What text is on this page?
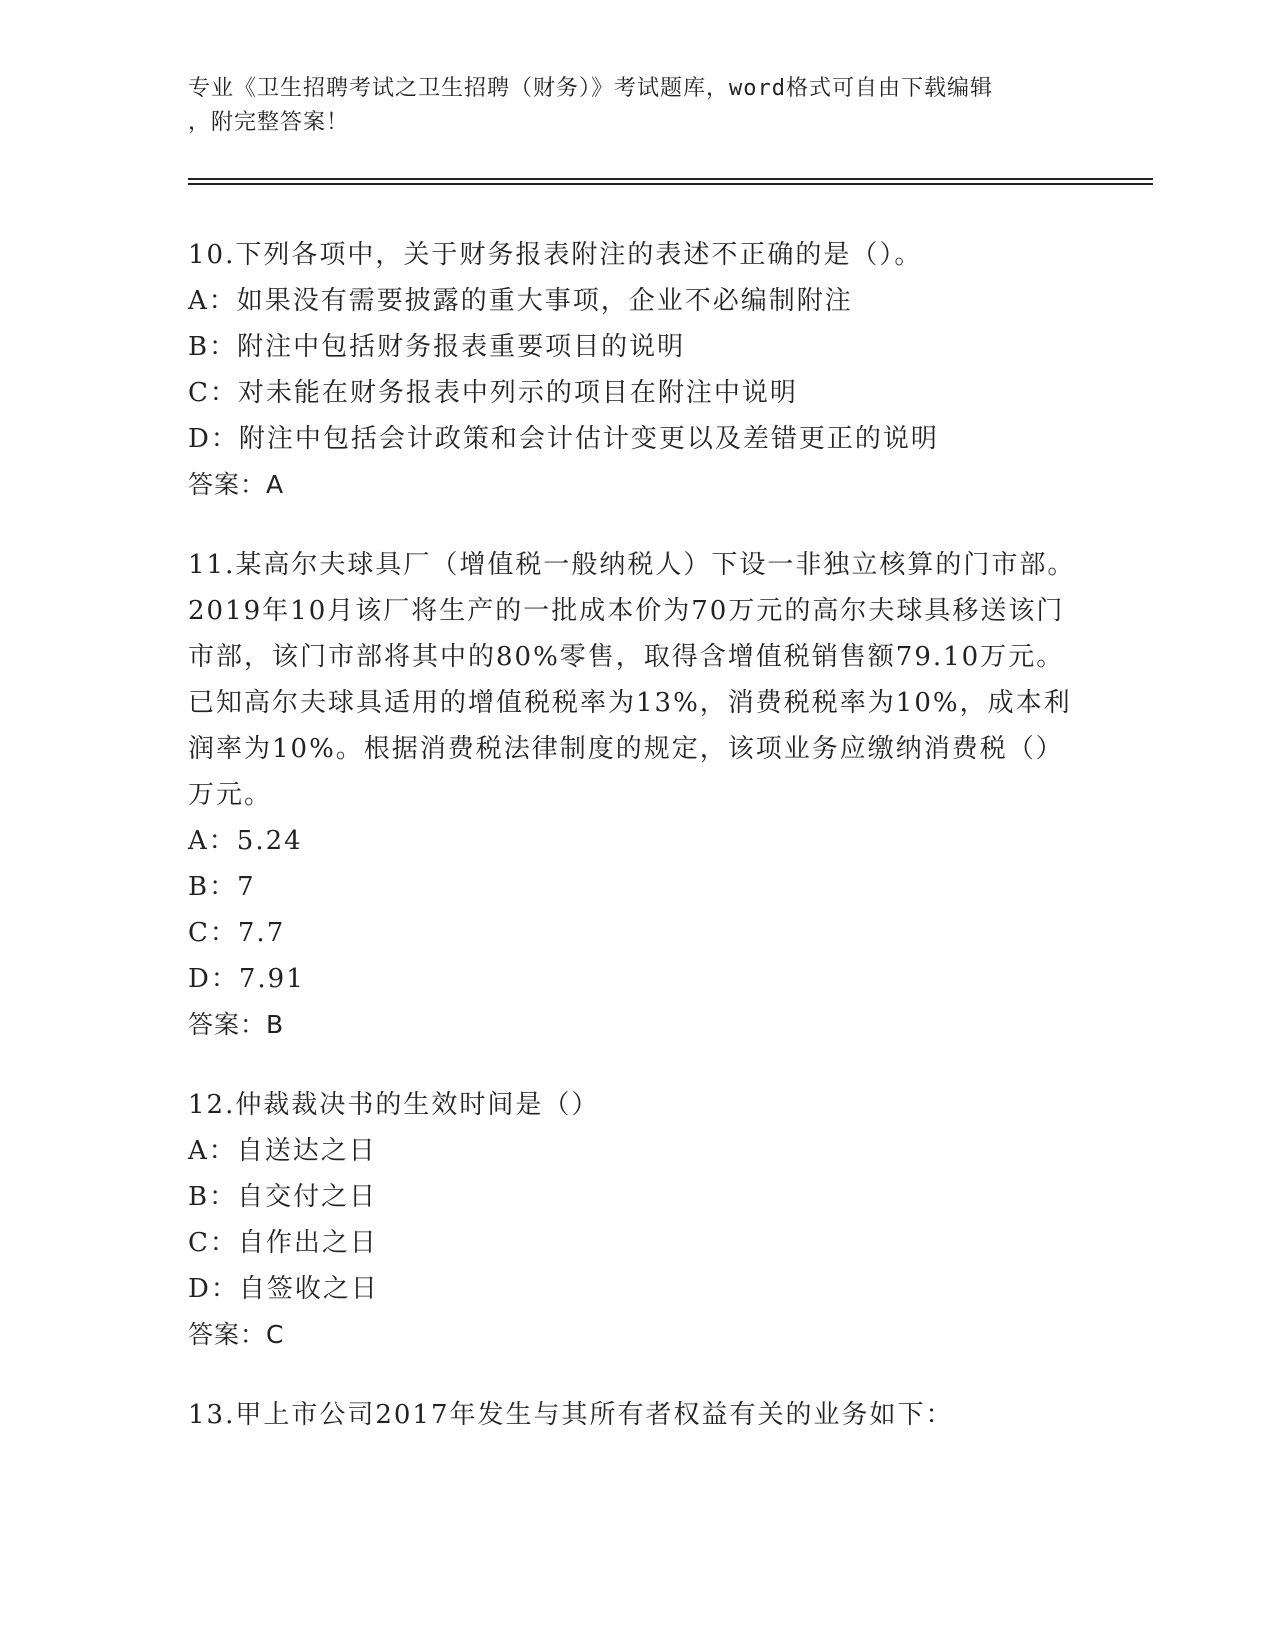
专业《卫生招聘考试之卫生招聘（财务）》考试题库，word格式可自由下载编辑
，附完整答案！
10.下列各项中，关于财务报表附注的表述不正确的是（）。
A：如果没有需要披露的重大事项，企业不必编制附注
B：附注中包括财务报表重要项目的说明
C：对未能在财务报表中列示的项目在附注中说明
D：附注中包括会计政策和会计估计变更以及差错更正的说明
答案：A
11.某高尔夫球具厂（增值税一般纳税人）下设一非独立核算的门市部。2019年10月该厂将生产的一批成本价为70万元的高尔夫球具移送该门市部，该门市部将其中的80%零售，取得含增值税销售额79.10万元。已知高尔夫球具适用的增值税税率为13%，消费税税率为10%，成本利润率为10%。根据消费税法律制度的规定，该项业务应缴纳消费税（）万元。
A：5.24
B：7
C：7.7
D：7.91
答案：B
12.仲裁裁决书的生效时间是（）
A：自送达之日
B：自交付之日
C：自作出之日
D：自签收之日
答案：C
13.甲上市公司2017年发生与其所有者权益有关的业务如下：
